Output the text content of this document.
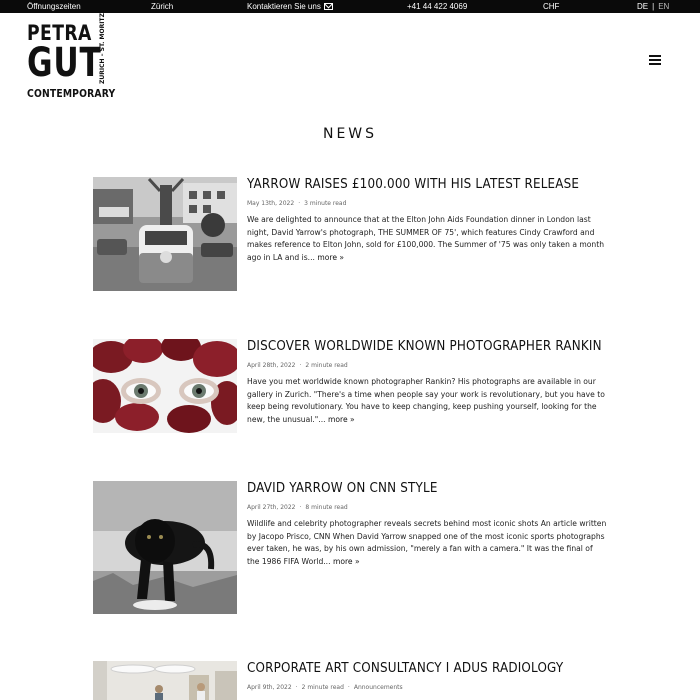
Öffnungszeiten	Zürich	Kontaktieren Sie uns	+41 44 422 4069	CHF	DE | EN
PETRA
GUT
CONTEMPORARY
ZURICH – ST. MORITZ
NEWS
YARROW RAISES £100.000 WITH HIS LATEST RELEASE
May 13th, 2022 · 3 minute read
We are delighted to announce that at the Elton John Aids Foundation dinner in London last night, David Yarrow's photograph, THE SUMMER OF 75', which features Cindy Crawford and makes reference to Elton John, sold for £100,000. The Summer of '75 was only taken a month ago in LA and is... more »
DISCOVER WORLDWIDE KNOWN PHOTOGRAPHER RANKIN
April 28th, 2022 · 2 minute read
Have you met worldwide known photographer Rankin? His photographs are available in our gallery in Zurich. "There's a time when people say your work is revolutionary, but you have to keep being revolutionary. You have to keep changing, keep pushing yourself, looking for the new, the unusual."... more »
DAVID YARROW ON CNN STYLE
April 27th, 2022 · 8 minute read
Wildlife and celebrity photographer reveals secrets behind most iconic shots An article written by Jacopo Prisco, CNN When David Yarrow snapped one of the most iconic sports photographs ever taken, he was, by his own admission, "merely a fan with a camera." It was the final of the 1986 FIFA World... more »
CORPORATE ART CONSULTANCY I ADUS RADIOLOGY
April 9th, 2022 · 2 minute read · Announcements
